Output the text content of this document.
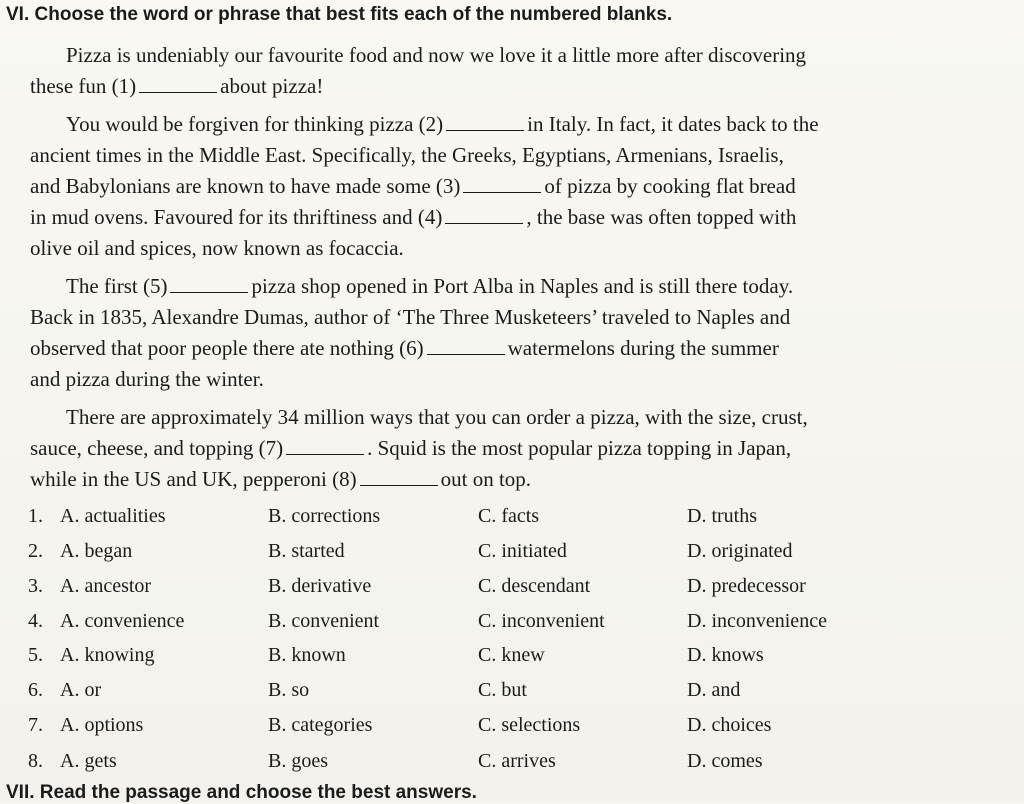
VI. Choose the word or phrase that best fits each of the numbered blanks.
Pizza is undeniably our favourite food and now we love it a little more after discovering
these fun (1)	about pizza!
You would be forgiven for thinking pizza (2)	in Italy. In fact, it dates back to the
ancient times in the Middle East. Specifically, the Greeks, Egyptians, Armenians, Israelis,
and Babylonians are known to have made some (3)	of pizza by cooking flat bread
in mud ovens. Favoured for its thriftiness and (4)	, the base was often topped with
olive oil and spices, now known as focaccia.
The first (5)	pizza shop opened in Port Alba in Naples and is still there today.
Back in 1835, Alexandre Dumas, author of ‘The Three Musketeers’ traveled to Naples and
observed that poor people there ate nothing (6)	watermelons during the summer
and pizza during the winter.
There are approximately 34 million ways that you can order a pizza, with the size, crust,
sauce, cheese, and topping (7)	. Squid is the most popular pizza topping in Japan,
while in the US and UK, pepperoni (8)	out on top.
1. A. actualities	B. corrections	C. facts	D. truths
2. A. began	B. started	C. initiated	D. originated
3. A. ancestor	B. derivative	C. descendant	D. predecessor
4. A. convenience	B. convenient	C. inconvenient	D. inconvenience
5. A. knowing	B. known	C. knew	D. knows
6. A. or	B. so	C. but	D. and
7. A. options	B. categories	C. selections	D. choices
8. A. gets	B. goes	C. arrives	D. comes
VII. Read the passage and choose the best answers.
